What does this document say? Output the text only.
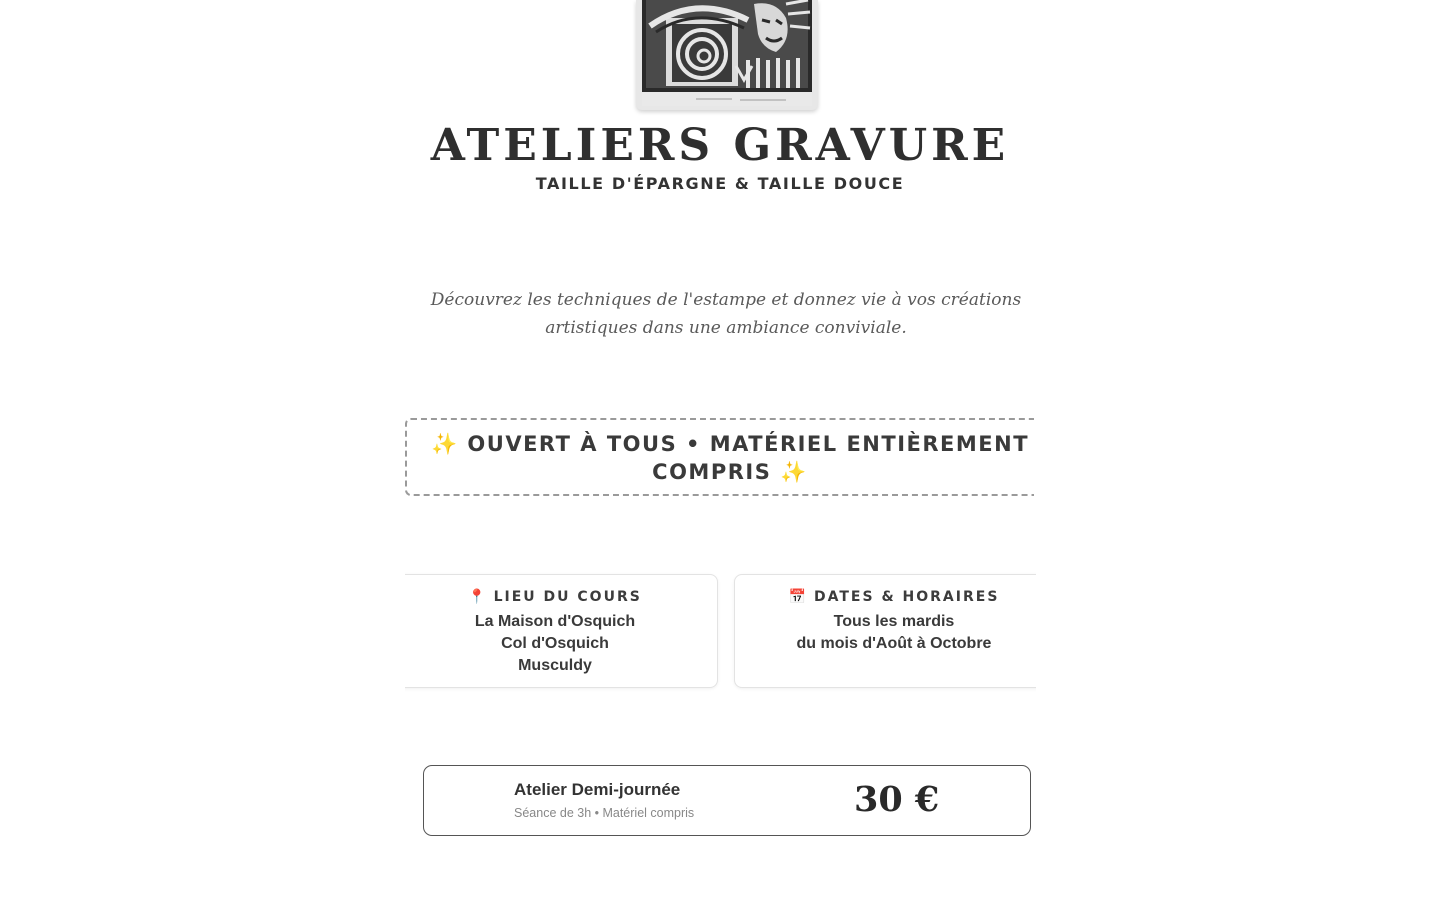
ATELIERS GRAVURE
TAILLE D'ÉPARGNE & TAILLE DOUCE

Découvrez les techniques de l'estampe et donnez vie à vos créations
artistiques dans une ambiance conviviale.

✨ OUVERT À TOUS • MATÉRIEL ENTIÈREMENT
COMPRIS ✨
📍 LIEU DU COURS
La Maison d'Osquich
Col d'Osquich
Musculdy
📅 DATES & HORAIRES
Tous les mardis
du mois d'Août à Octobre
Atelier Demi-journée
Séance de 3h • Matériel compris	30 €
